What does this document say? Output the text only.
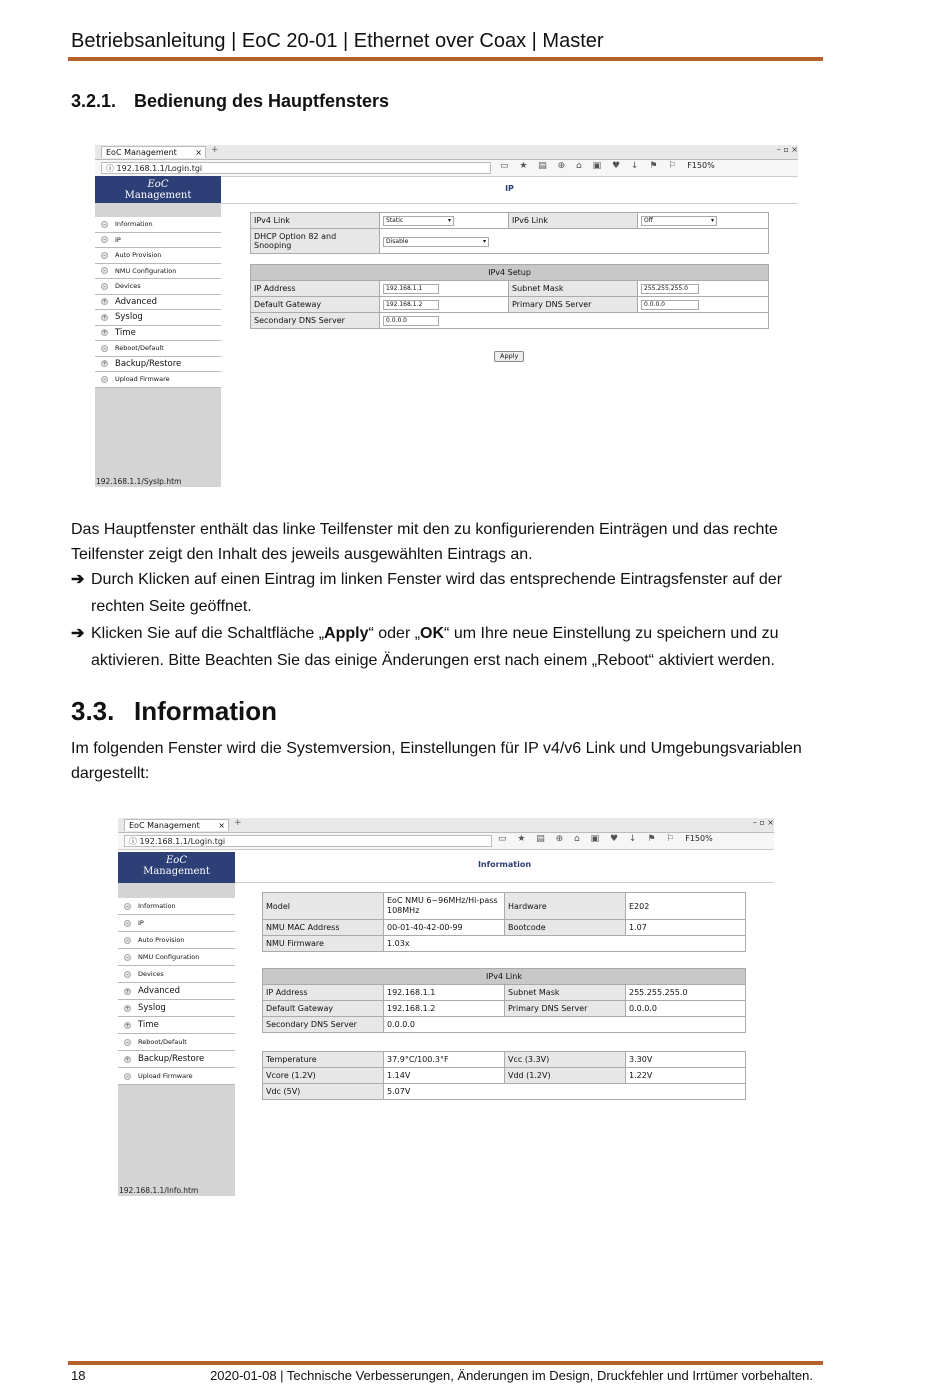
Betriebsanleitung | EoC 20-01 | Ethernet over Coax | Master
3.2.1. Bedienung des Hauptfensters
EoC Management × +	– ▫ ×
ⓘ 192.168.1.1/Login.tgi	▭ ★ ▤ ⊕ ⌂ ▣ ♥ ↓ ⚑ ⚐ F150%
EoC
Management
–	Information
–	IP
–	Auto Provision
–	NMU Configuration
–	Devices
+ Advanced
+ Syslog
+ Time
–	Reboot/Default
+ Backup/Restore
–	Upload Firmware
192.168.1.1/SysIp.htm
IP
IPv4 Link	Static ▾	IPv6 Link	Off ▾

DHCP Option 82 and Snooping	Disable ▾		
IPv4 Setup			
IP Address	192.168.1.1	Subnet Mask	255.255.255.0
Default Gateway	192.168.1.2	Primary DNS Server	0.0.0.0
Secondary DNS Server	0.0.0.0		
Apply
Das Hauptfenster enthält das linke Teilfenster mit den zu konfigurierenden Einträgen und das rechte Teilfenster zeigt den Inhalt des jeweils ausgewählten Eintrags an.
➔ Durch Klicken auf einen Eintrag im linken Fenster wird das entsprechende Eintragsfenster auf der rechten Seite geöffnet.
➔ Klicken Sie auf die Schaltfläche „Apply“ oder „OK“ um Ihre neue Einstellung zu speichern und zu aktivieren. Bitte Beachten Sie das einige Änderungen erst nach einem „Reboot“ aktiviert werden.
3.3. Information
Im folgenden Fenster wird die Systemversion, Einstellungen für IP v4/v6 Link und Umgebungsvariablen dargestellt:
EoC Management × +	– ▫ ×
ⓘ 192.168.1.1/Login.tgi	▭ ★ ▤ ⊕ ⌂ ▣ ♥ ↓ ⚑ ⚐ F150%
EoC
Management
–	Information
–	IP
–	Auto Provision
–	NMU Configuration
–	Devices
+ Advanced
+ Syslog
+ Time
–	Reboot/Default
+ Backup/Restore
–	Upload Firmware
192.168.1.1/Info.htm
Information
Model	EoC NMU 6~96MHz/Hi-pass 108MHz	Hardware	E202
NMU MAC Address	00-01-40-42-00-99	Bootcode	1.07
NMU Firmware	1.03x		
IPv4 Link			
IP Address	192.168.1.1	Subnet Mask	255.255.255.0
Default Gateway	192.168.1.2	Primary DNS Server	0.0.0.0
Secondary DNS Server	0.0.0.0		
Temperature	37.9°C/100.3°F	Vcc (3.3V)	3.30V
Vcore (1.2V)	1.14V	Vdd (1.2V)	1.22V
Vdc (5V)	5.07V		
18	2020-01-08 | Technische Verbesserungen, Änderungen im Design, Druckfehler und Irrtümer vorbehalten.
